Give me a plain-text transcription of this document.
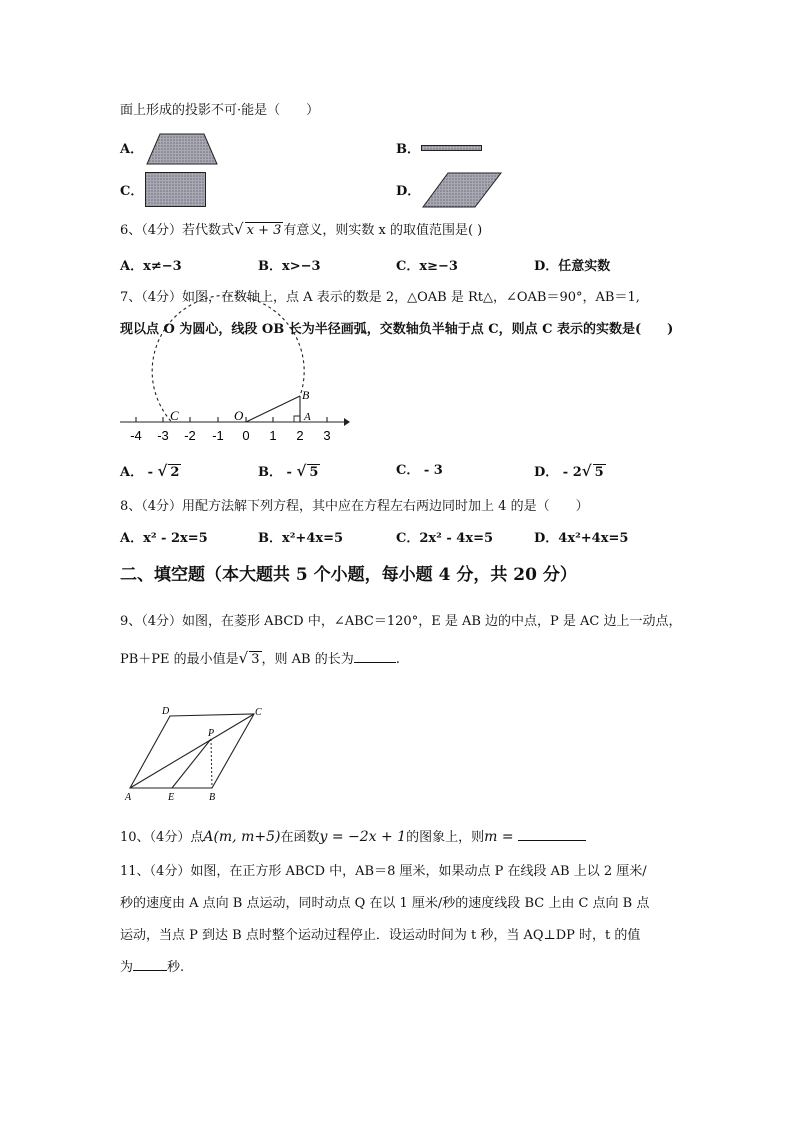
面上形成的投影不可·能是（　　）
A．	B．
C．	D．
6、（4分）若代数式√ x + 3 有意义，则实数 x 的取值范围是( )
A．x≠−3	B．x>−3	C．x≥−3	D．任意实数
7、（4分）如图，在数轴上，点 A 表示的数是 2，△OAB 是 Rt△，∠OAB＝90°，AB＝1,
现以点 O 为圆心，线段 OB 长为半径画弧，交数轴负半轴于点 C，则点 C 表示的实数是(　　)
C	O
B
A
-4 -3 -2 -1 0 1 2 3
A． - √ 2	B． - √ 5	C． - 3	D． - 2√ 5
8、（4分）用配方法解下列方程，其中应在方程左右两边同时加上 4 的是（　　）
A．x² - 2x=5	B．x²+4x=5	C．2x² - 4x=5	D．4x²+4x=5
二、填空题（本大题共 5 个小题，每小题 4 分，共 20 分）
9、（4分）如图，在菱形 ABCD 中，∠ABC＝120°，E 是 AB 边的中点，P 是 AC 边上一动点，
PB＋PE 的最小值是√ 3 ，则 AB 的长为	.
D	C
P
A	E	B
10、（4分）点A(m, m+5)在函数y = −2x + 1的图象上，则m =
11、（4分）如图，在正方形 ABCD 中，AB＝8 厘米，如果动点 P 在线段 AB 上以 2 厘米/
秒的速度由 A 点向 B 点运动，同时动点 Q 在以 1 厘米/秒的速度线段 BC 上由 C 点向 B 点
运动，当点 P 到达 B 点时整个运动过程停止．设运动时间为 t 秒，当 AQ⊥DP 时，t 的值
为	秒.
